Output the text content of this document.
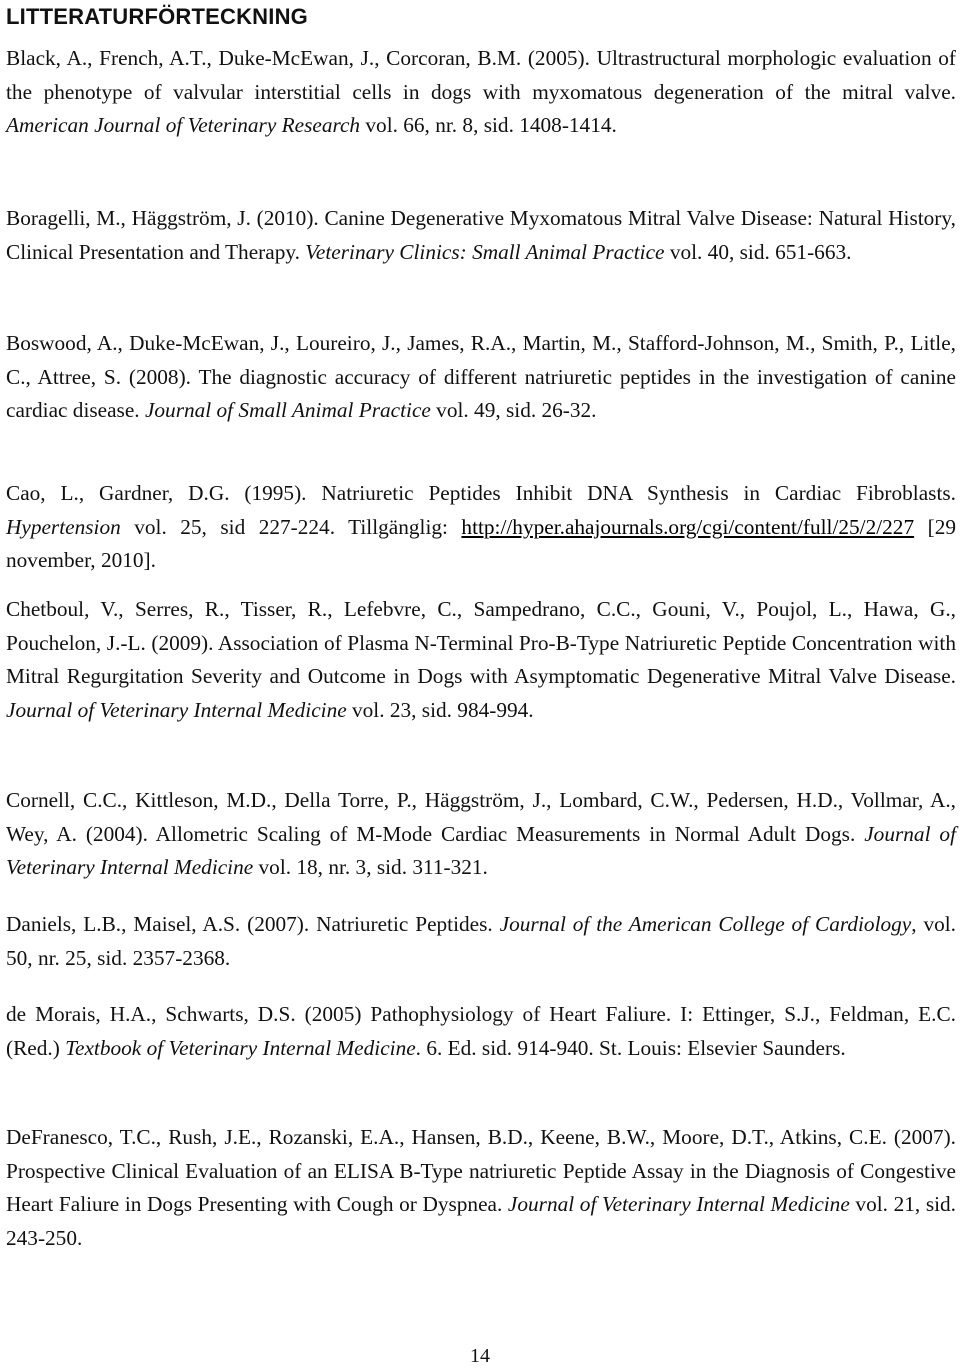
LITTERATURFÖRTECKNING

Black, A., French, A.T., Duke-McEwan, J., Corcoran, B.M. (2005). Ultrastructural morphologic evaluation of the phenotype of valvular interstitial cells in dogs with myxomatous degeneration of the mitral valve. American Journal of Veterinary Research vol. 66, nr. 8, sid. 1408-1414.

Boragelli, M., Häggström, J. (2010). Canine Degenerative Myxomatous Mitral Valve Disease: Natural History, Clinical Presentation and Therapy. Veterinary Clinics: Small Animal Practice vol. 40, sid. 651-663.

Boswood, A., Duke-McEwan, J., Loureiro, J., James, R.A., Martin, M., Stafford-Johnson, M., Smith, P., Litle, C., Attree, S. (2008). The diagnostic accuracy of different natriuretic peptides in the investigation of canine cardiac disease. Journal of Small Animal Practice vol. 49, sid. 26-32.

Cao, L., Gardner, D.G. (1995). Natriuretic Peptides Inhibit DNA Synthesis in Cardiac Fibroblasts. Hypertension vol. 25, sid 227-224. Tillgänglig: http://hyper.ahajournals.org/cgi/content/full/25/2/227 [29 november, 2010].

Chetboul, V., Serres, R., Tisser, R., Lefebvre, C., Sampedrano, C.C., Gouni, V., Poujol, L., Hawa, G., Pouchelon, J.-L. (2009). Association of Plasma N-Terminal Pro-B-Type Natriuretic Peptide Concentration with Mitral Regurgitation Severity and Outcome in Dogs with Asymptomatic Degenerative Mitral Valve Disease. Journal of Veterinary Internal Medicine vol. 23, sid. 984-994.

Cornell, C.C., Kittleson, M.D., Della Torre, P., Häggström, J., Lombard, C.W., Pedersen, H.D., Vollmar, A., Wey, A. (2004). Allometric Scaling of M-Mode Cardiac Measurements in Normal Adult Dogs. Journal of Veterinary Internal Medicine vol. 18, nr. 3, sid. 311-321.

Daniels, L.B., Maisel, A.S. (2007). Natriuretic Peptides. Journal of the American College of Cardiology, vol. 50, nr. 25, sid. 2357-2368.

de Morais, H.A., Schwarts, D.S. (2005) Pathophysiology of Heart Faliure. I: Ettinger, S.J., Feldman, E.C. (Red.) Textbook of Veterinary Internal Medicine. 6. Ed. sid. 914-940. St. Louis: Elsevier Saunders.

DeFranesco, T.C., Rush, J.E., Rozanski, E.A., Hansen, B.D., Keene, B.W., Moore, D.T., Atkins, C.E. (2007). Prospective Clinical Evaluation of an ELISA B-Type natriuretic Peptide Assay in the Diagnosis of Congestive Heart Faliure in Dogs Presenting with Cough or Dyspnea. Journal of Veterinary Internal Medicine vol. 21, sid. 243-250.

14
